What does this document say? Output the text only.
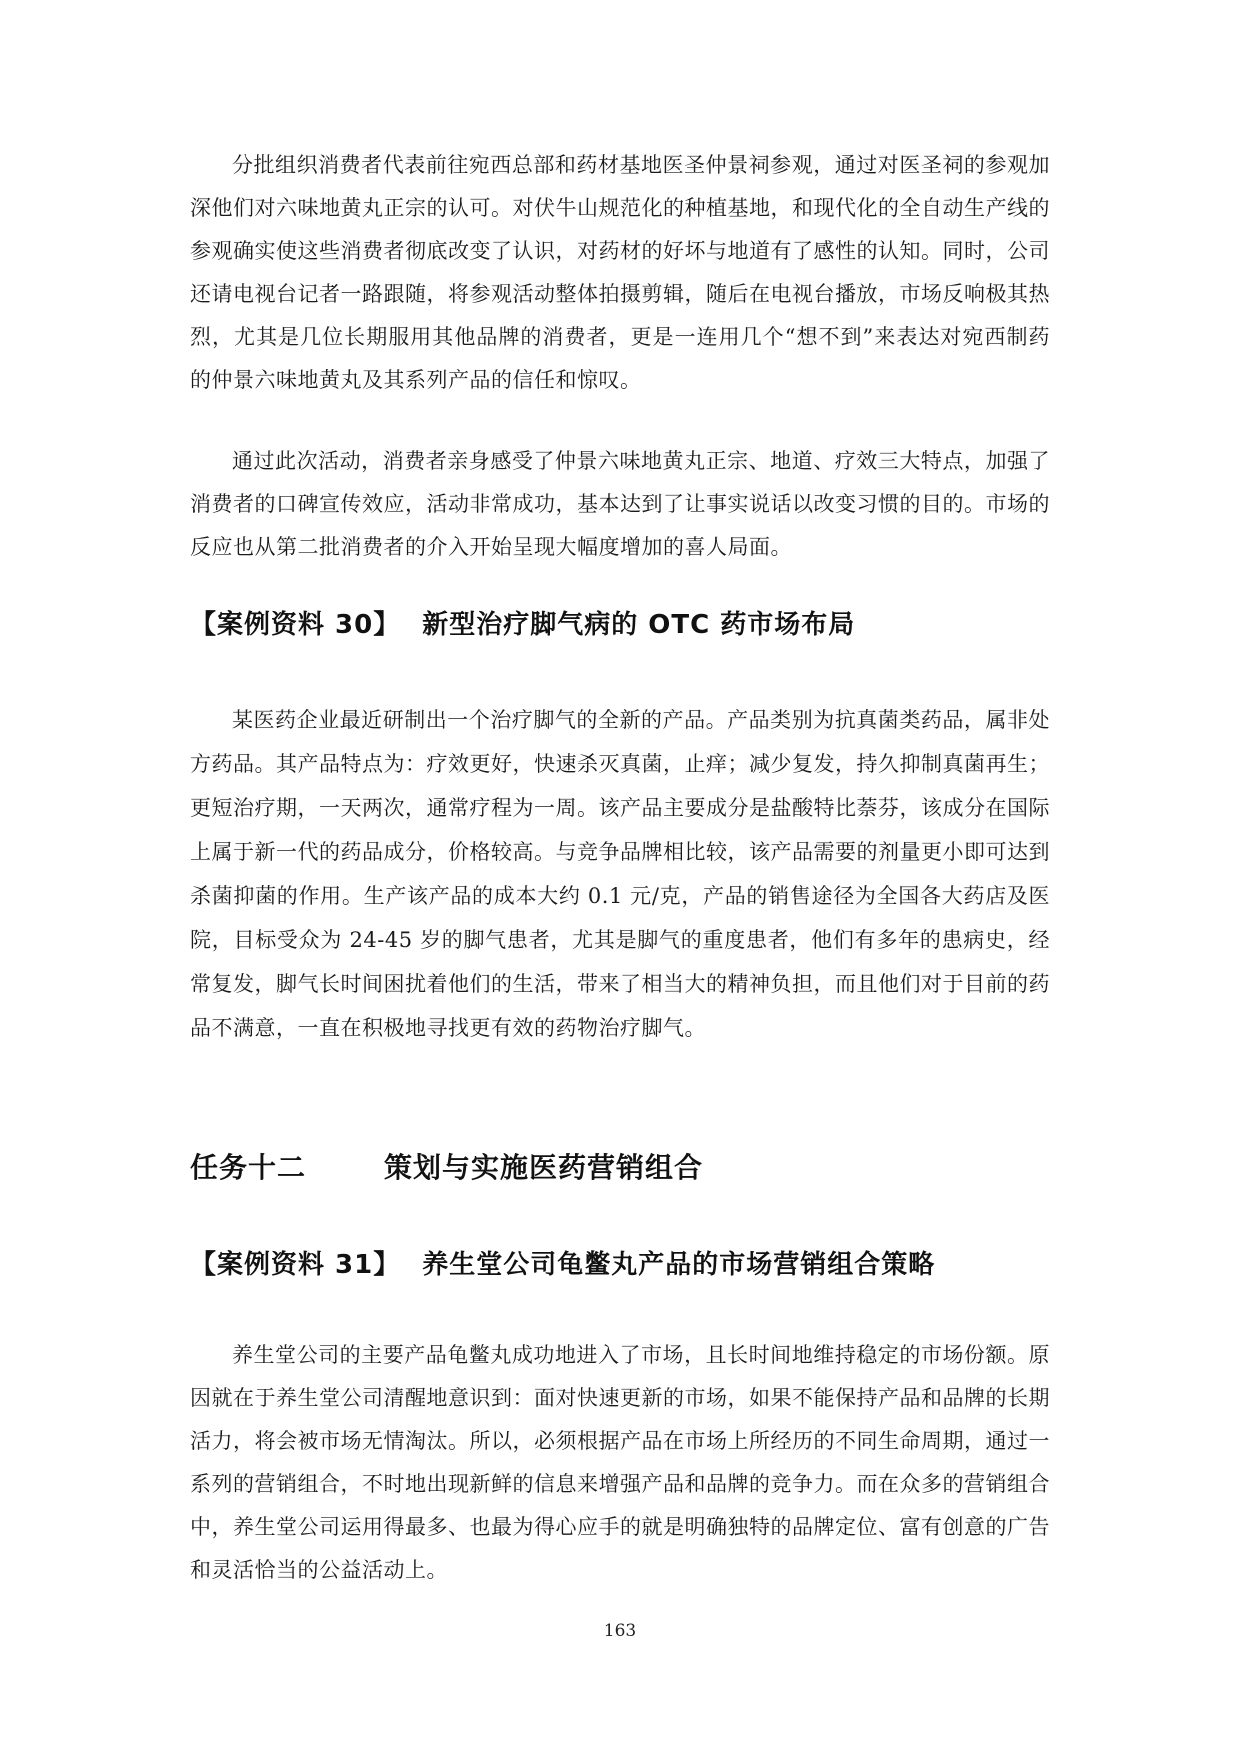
分批组织消费者代表前往宛西总部和药材基地医圣仲景祠参观，通过对医圣祠的参观加深他们对六味地黄丸正宗的认可。对伏牛山规范化的种植基地，和现代化的全自动生产线的参观确实使这些消费者彻底改变了认识，对药材的好坏与地道有了感性的认知。同时，公司还请电视台记者一路跟随，将参观活动整体拍摄剪辑，随后在电视台播放，市场反响极其热烈，尤其是几位长期服用其他品牌的消费者，更是一连用几个“想不到”来表达对宛西制药的仲景六味地黄丸及其系列产品的信任和惊叹。

通过此次活动，消费者亲身感受了仲景六味地黄丸正宗、地道、疗效三大特点，加强了消费者的口碑宣传效应，活动非常成功，基本达到了让事实说话以改变习惯的目的。市场的反应也从第二批消费者的介入开始呈现大幅度增加的喜人局面。

【案例资料 30】 新型治疗脚气病的 OTC 药市场布局

某医药企业最近研制出一个治疗脚气的全新的产品。产品类别为抗真菌类药品，属非处方药品。其产品特点为：疗效更好，快速杀灭真菌，止痒；减少复发，持久抑制真菌再生；更短治疗期，一天两次，通常疗程为一周。该产品主要成分是盐酸特比萘芬，该成分在国际上属于新一代的药品成分，价格较高。与竞争品牌相比较，该产品需要的剂量更小即可达到杀菌抑菌的作用。生产该产品的成本大约 0.1 元/克，产品的销售途径为全国各大药店及医院，目标受众为 24-45 岁的脚气患者，尤其是脚气的重度患者，他们有多年的患病史，经常复发，脚气长时间困扰着他们的生活，带来了相当大的精神负担，而且他们对于目前的药品不满意，一直在积极地寻找更有效的药物治疗脚气。

任务十二	策划与实施医药营销组合
【案例资料 31】 养生堂公司龟鳖丸产品的市场营销组合策略

养生堂公司的主要产品龟鳖丸成功地进入了市场，且长时间地维持稳定的市场份额。原因就在于养生堂公司清醒地意识到：面对快速更新的市场，如果不能保持产品和品牌的长期活力，将会被市场无情淘汰。所以，必须根据产品在市场上所经历的不同生命周期，通过一系列的营销组合，不时地出现新鲜的信息来增强产品和品牌的竞争力。而在众多的营销组合中，养生堂公司运用得最多、也最为得心应手的就是明确独特的品牌定位、富有创意的广告和灵活恰当的公益活动上。

163
